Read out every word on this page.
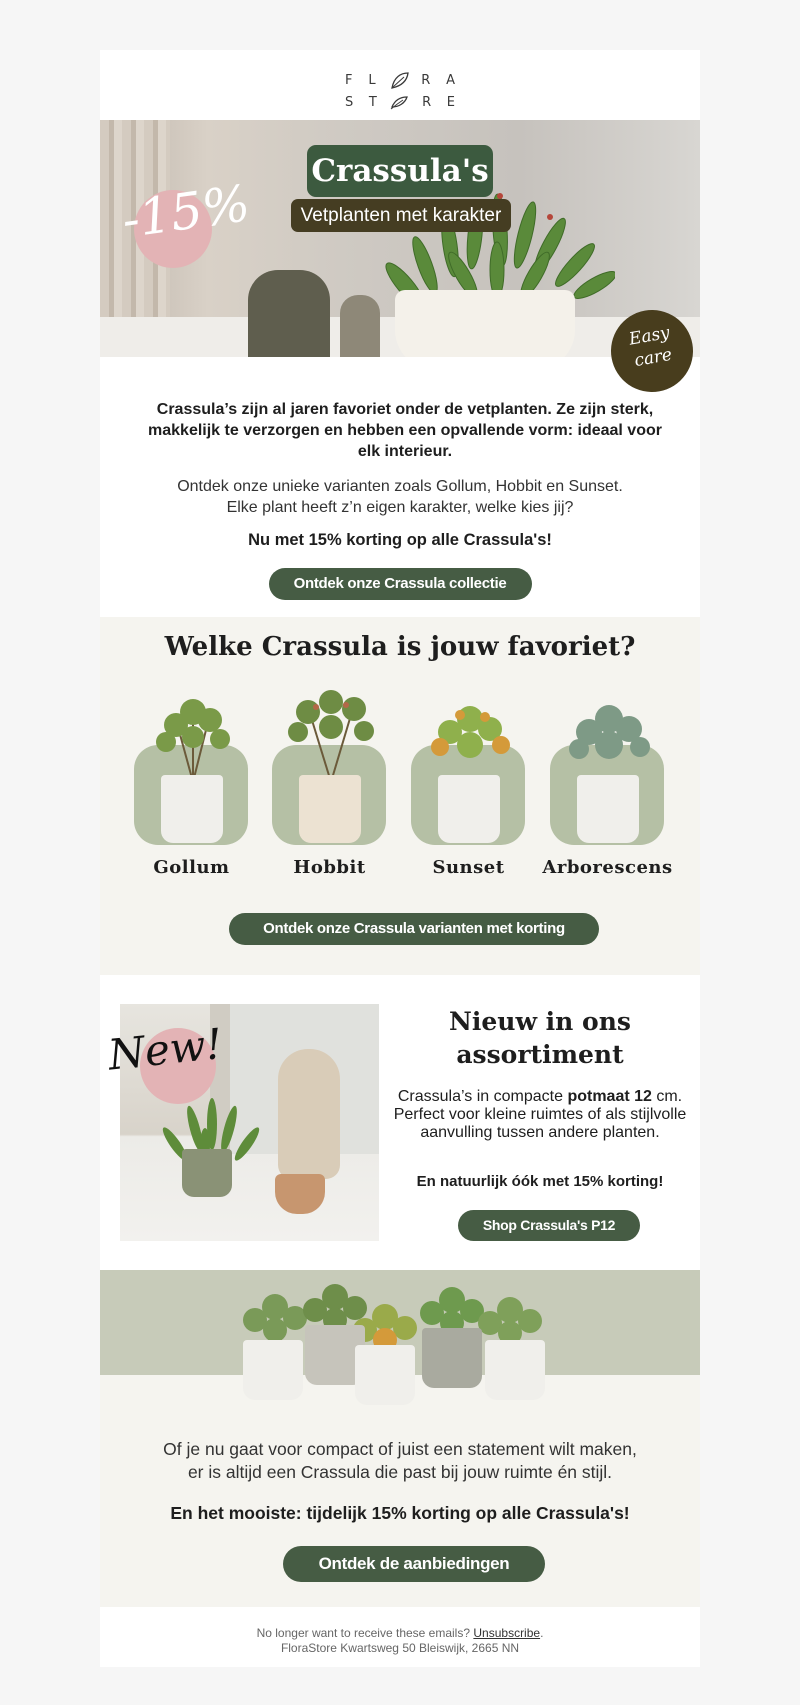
F L	R A
S T	R E
Crassula's
Vetplanten met karakter
-15%
Easy care
Crassula’s zijn al jaren favoriet onder de vetplanten. Ze zijn sterk, makkelijk te verzorgen en hebben een opvallende vorm: ideaal voor elk interieur.
Ontdek onze unieke varianten zoals Gollum, Hobbit en Sunset.
Elke plant heeft z’n eigen karakter, welke kies jij?
Nu met 15% korting op alle Crassula's!
Ontdek onze Crassula collectie
Welke Crassula is jouw favoriet?
Gollum	Hobbit	Sunset	Arborescens
Ontdek onze Crassula varianten met korting
New!	Nieuw in ons
assortiment
Crassula’s in compacte potmaat 12 cm. Perfect voor kleine ruimtes of als stijlvolle aanvulling tussen andere planten.
En natuurlijk óók met 15% korting!
Shop Crassula's P12
Of je nu gaat voor compact of juist een statement wilt maken,
er is altijd een Crassula die past bij jouw ruimte én stijl.
En het mooiste: tijdelijk 15% korting op alle Crassula's!
Ontdek de aanbiedingen
No longer want to receive these emails? Unsubscribe.
FloraStore Kwartsweg 50 Bleiswijk, 2665 NN
